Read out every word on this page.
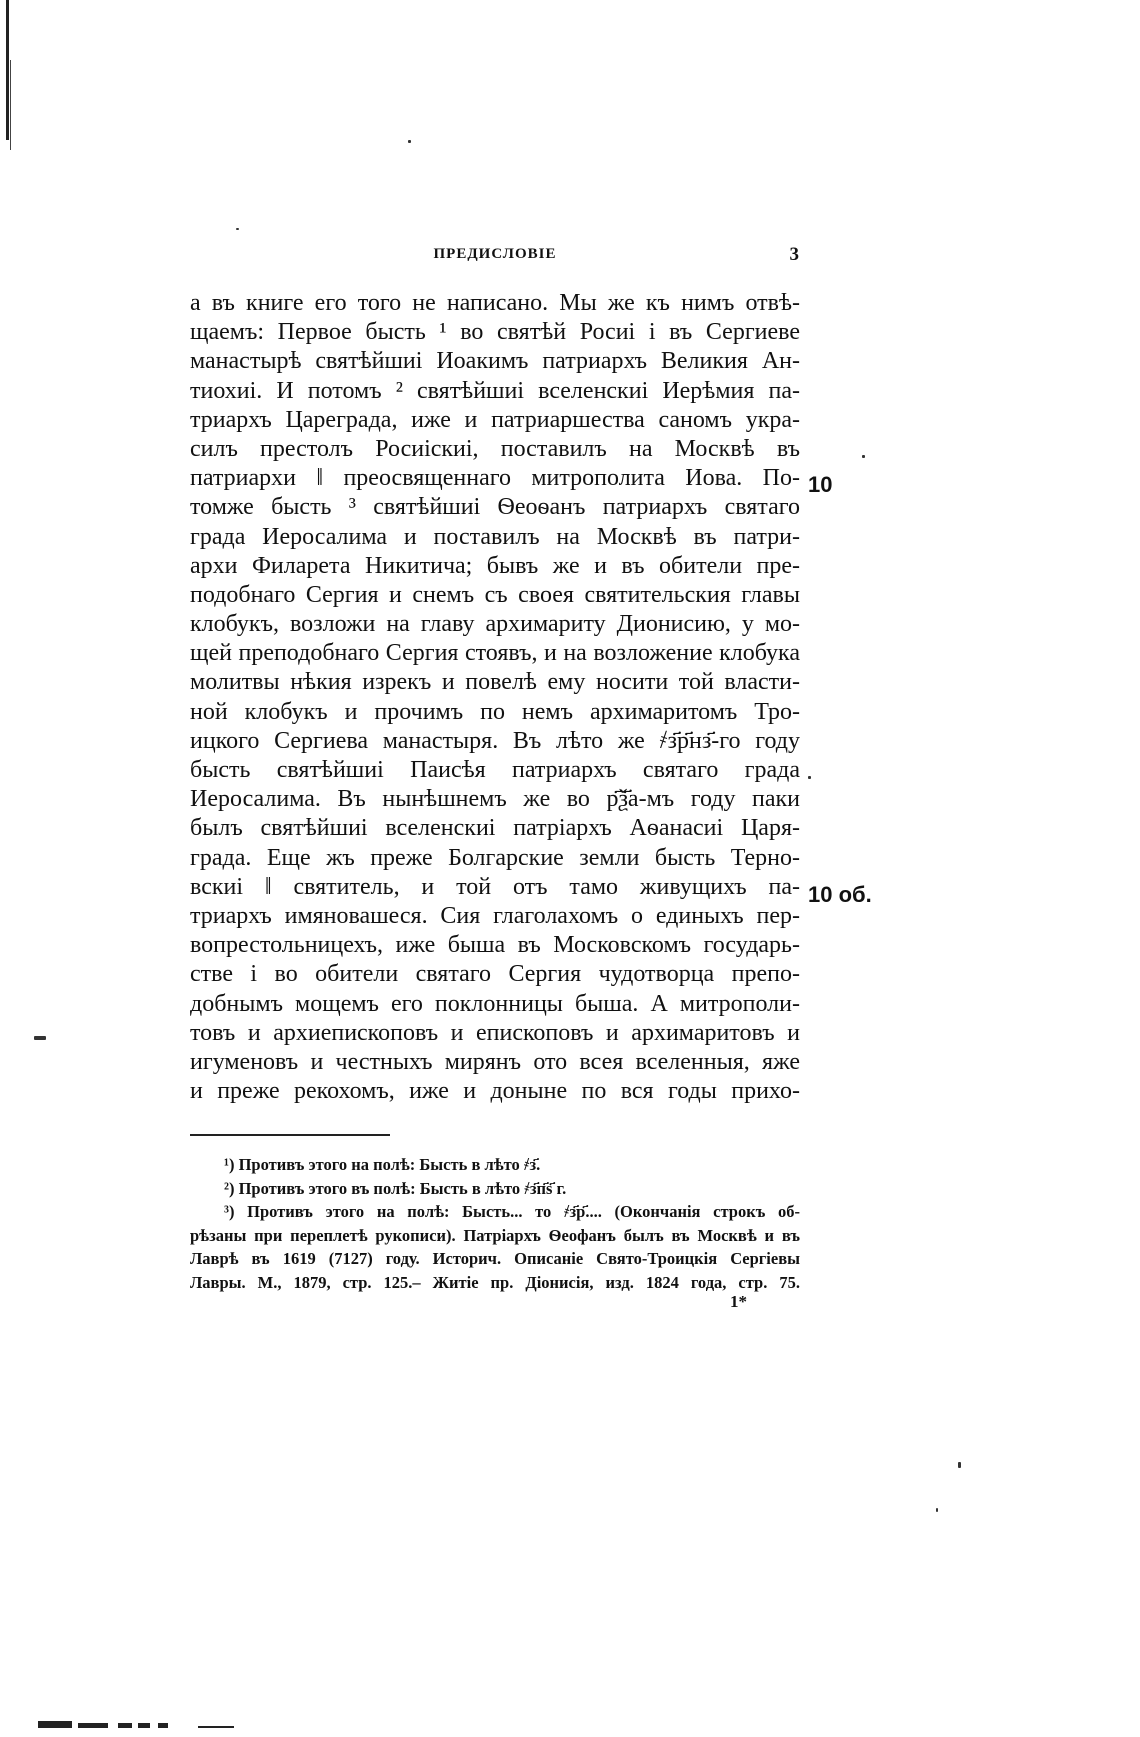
ПРЕДИСЛОВІЕ	3
а въ книге его того не написано. Мы же къ нимъ отвѣ-
щаемъ: Первое бысть ¹ во святѣй Росиі і въ Сергиеве
манастырѣ святѣйшиі Иоакимъ патриархъ Великия Ан-
тиохиі. И потомъ ² святѣйшиі вселенскиі Иерѣмия па-
триархъ Цареграда, иже и патриаршества саномъ укра-
силъ престолъ Росиіскиі, поставилъ на Москвѣ въ
патриархи ‖ преосвященнаго митрополита Иова. По-
томже бысть ³ святѣйшиі Ѳеоѳанъ патриархъ святаго
града Иеросалима и поставилъ на Москвѣ въ патри-
архи Филарета Никитича; бывъ же и въ обители пре-
подобнаго Сергия и снемъ съ своея святительския главы
клобукъ, возложи на главу архимариту Дионисию, у мо-
щей преподобнаго Сергия стоявъ, и на возложение клобука
молитвы нѣкия изрекъ и повелѣ ему носити той власти-
ной клобукъ и прочимъ по немъ архимаритомъ Тро-
ицкого Сергиева манастыря. Въ лѣто же ҂з҃р҃нз҃-го году
бысть святѣйшиі Паисѣя патриархъ святаго града
Иеросалима. Въ нынѣшнемъ же во р҃ѯ҃а-мъ году паки
былъ святѣйшиі вселенскиі патріархъ Аѳанасиі Царя-
града. Еще жъ преже Болгарские земли бысть Терно-
вскиі ‖ святитель, и той отъ тамо живущихъ па-
триархъ имяновашеся. Сия глаголахомъ о единыхъ пер-
вопрестольницехъ, иже быша въ Московскомъ государь-
стве і во обители святаго Сергия чудотворца препо-
добнымъ мощемъ его поклонницы быша. А митрополи-
товъ и архиепископовъ и епископовъ и архимаритовъ и
игуменовъ и честныхъ мирянъ ото всея вселенныя, яже
и преже рекохомъ, иже и доныне по вся годы прихо-
10
10 об.
¹) Противъ этого на полѣ: Бысть в лѣто ҂з҃.
²) Противъ этого въ полѣ: Бысть в лѣто ҂з҃п҃s҃ г.
³) Противъ этого на полѣ: Бысть... то ҂з҃р҃.... (Окончанія строкъ об-
рѣзаны при переплетѣ рукописи). Патріархъ Ѳеофанъ былъ въ Москвѣ и въ
Лаврѣ въ 1619 (7127) году. Историч. Описаніе Свято-Троицкія Сергіевы
Лавры. М., 1879, стр. 125.– Житіе пр. Діонисія, изд. 1824 года, стр. 75.
1*
